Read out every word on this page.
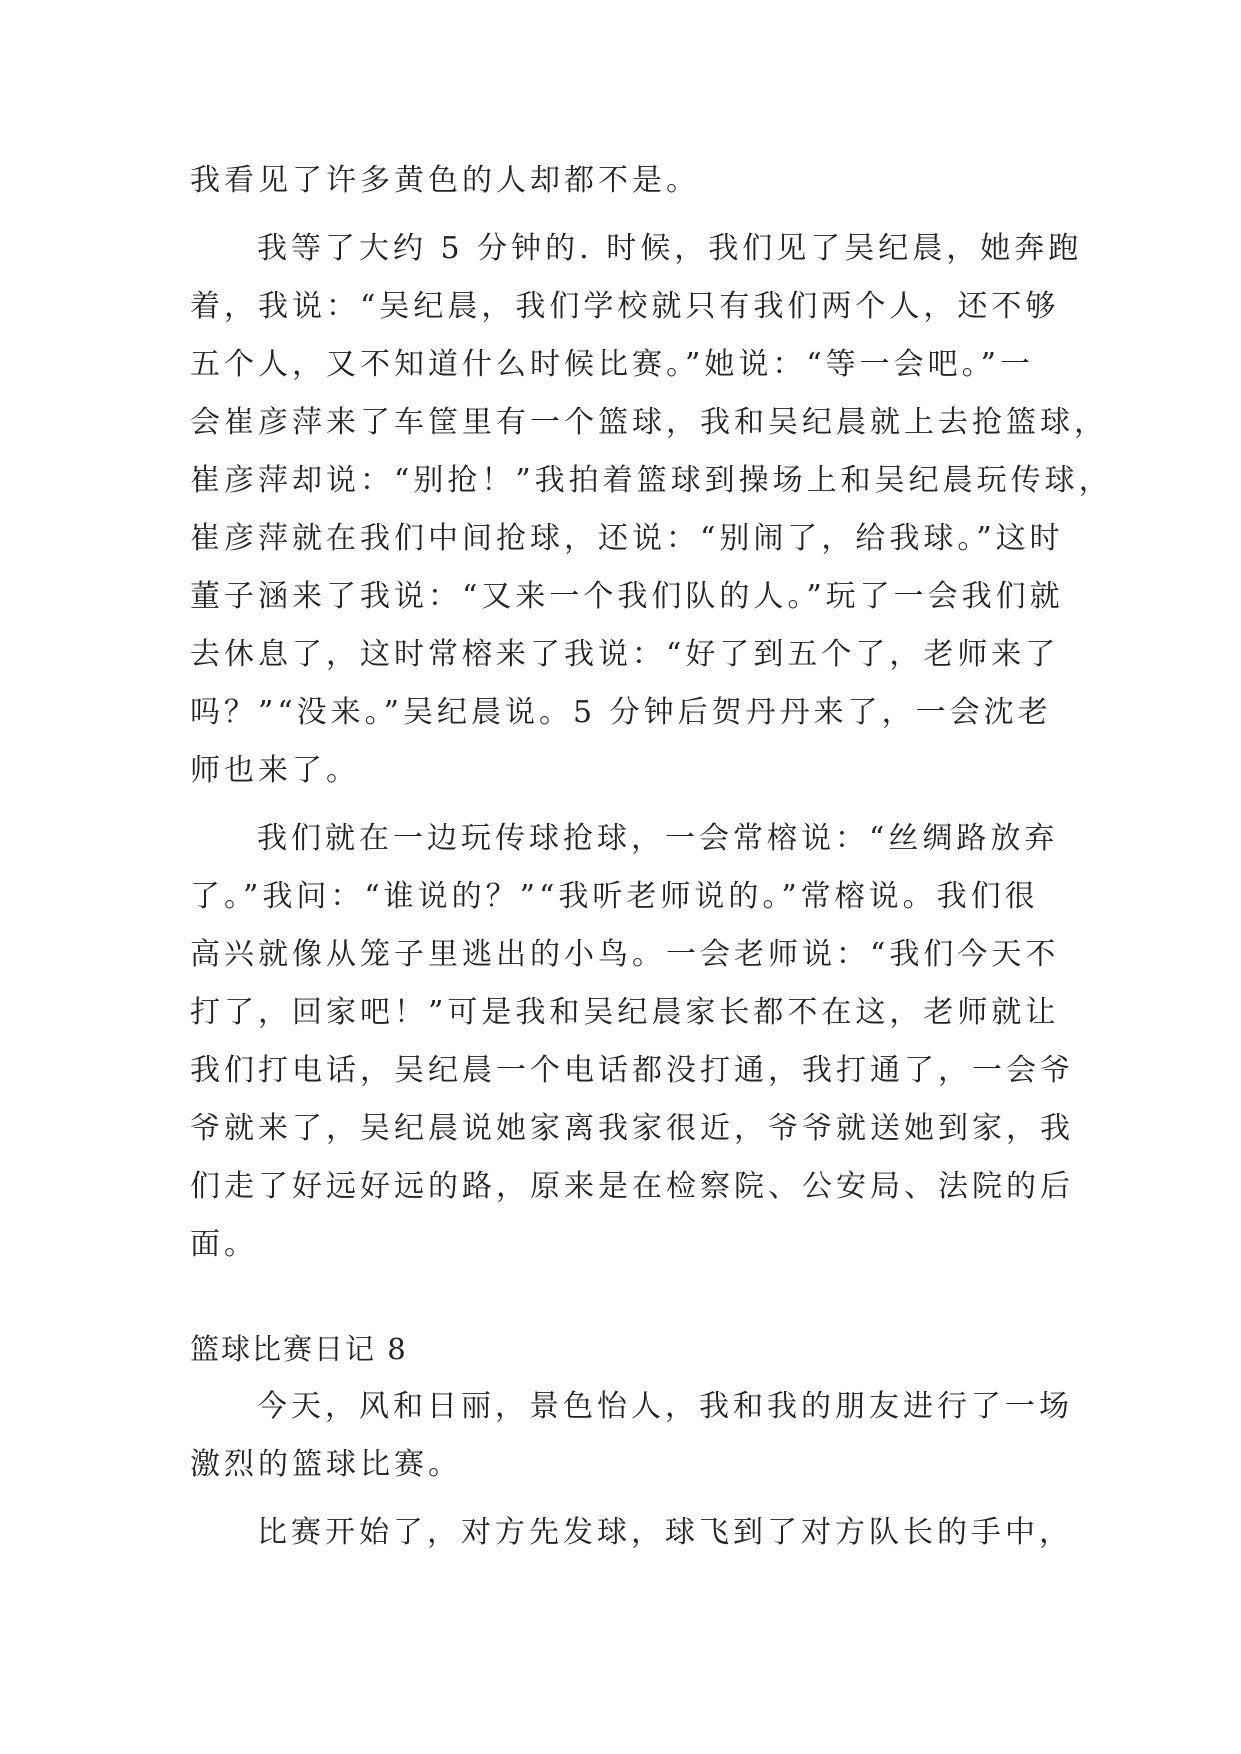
我看见了许多黄色的人却都不是。
我等了大约 5 分钟的. 时候，我们见了吴纪晨，她奔跑
着，我说：“吴纪晨，我们学校就只有我们两个人，还不够
五个人，又不知道什么时候比赛。”她说：“等一会吧。”一
会崔彦萍来了车筐里有一个篮球，我和吴纪晨就上去抢篮球，
崔彦萍却说：“别抢！”我拍着篮球到操场上和吴纪晨玩传球，
崔彦萍就在我们中间抢球，还说：“别闹了，给我球。”这时
董子涵来了我说：“又来一个我们队的人。”玩了一会我们就
去休息了，这时常榕来了我说：“好了到五个了，老师来了
吗？”“没来。”吴纪晨说。5 分钟后贺丹丹来了，一会沈老
师也来了。
我们就在一边玩传球抢球，一会常榕说：“丝绸路放弃
了。”我问：“谁说的？”“我听老师说的。”常榕说。我们很
高兴就像从笼子里逃出的小鸟。一会老师说：“我们今天不
打了，回家吧！”可是我和吴纪晨家长都不在这，老师就让
我们打电话，吴纪晨一个电话都没打通，我打通了，一会爷
爷就来了，吴纪晨说她家离我家很近，爷爷就送她到家，我
们走了好远好远的路，原来是在检察院、公安局、法院的后
面。
篮球比赛日记 8
今天，风和日丽，景色怡人，我和我的朋友进行了一场
激烈的篮球比赛。
比赛开始了，对方先发球，球飞到了对方队长的手中，
